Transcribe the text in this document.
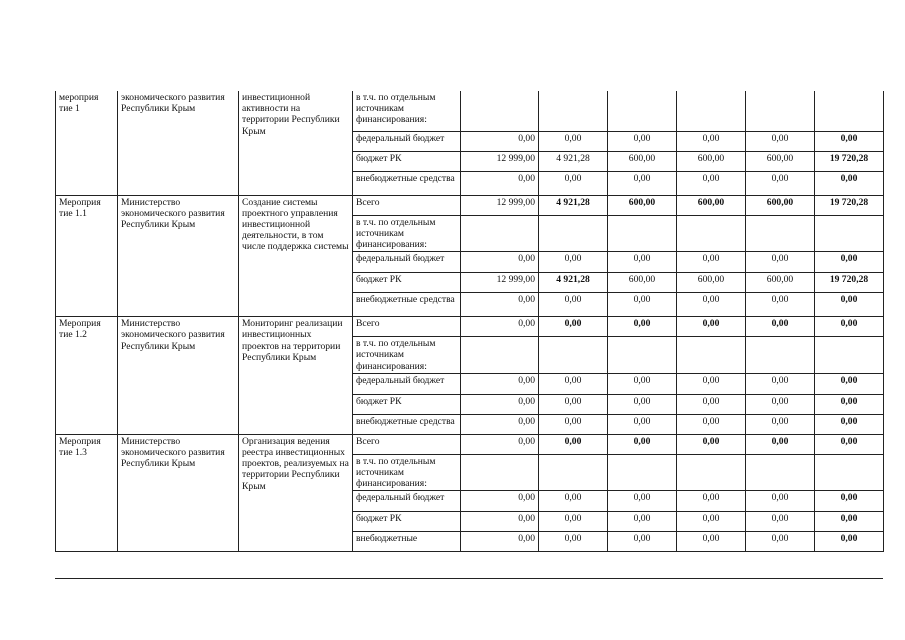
мероприя тие 1	экономического развития Республики Крым	инвестиционной активности на территории Республики Крым	в т.ч. по отдельным источникам финансирования:						
			федеральный бюджет	0,00	0,00	0,00	0,00	0,00	0,00
			бюджет РК	12 999,00	4 921,28	600,00	600,00	600,00	19 720,28
			внебюджетные средства	0,00	0,00	0,00	0,00	0,00	0,00
Мероприя тие 1.1	Министерство экономического развития Республики Крым	Создание системы проектного управления инвестиционной деятельности, в том числе поддержка системы	Всего	12 999,00	4 921,28	600,00	600,00	600,00	19 720,28
			в т.ч. по отдельным источникам финансирования:						
			федеральный бюджет	0,00	0,00	0,00	0,00	0,00	0,00
			бюджет РК	12 999,00	4 921,28	600,00	600,00	600,00	19 720,28
			внебюджетные средства	0,00	0,00	0,00	0,00	0,00	0,00
Мероприя тие 1.2	Министерство экономического развития Республики Крым	Мониторинг реализации инвестиционных проектов на территории Республики Крым	Всего	0,00	0,00	0,00	0,00	0,00	0,00
			в т.ч. по отдельным источникам финансирования:						
			федеральный бюджет	0,00	0,00	0,00	0,00	0,00	0,00
			бюджет РК	0,00	0,00	0,00	0,00	0,00	0,00
			внебюджетные средства	0,00	0,00	0,00	0,00	0,00	0,00
Мероприя тие 1.3	Министерство экономического развития Республики Крым	Организация ведения реестра инвестиционных проектов, реализуемых на территории Республики Крым	Всего	0,00	0,00	0,00	0,00	0,00	0,00
			в т.ч. по отдельным источникам финансирования:						
			федеральный бюджет	0,00	0,00	0,00	0,00	0,00	0,00
			бюджет РК	0,00	0,00	0,00	0,00	0,00	0,00
			внебюджетные	0,00	0,00	0,00	0,00	0,00	0,00
